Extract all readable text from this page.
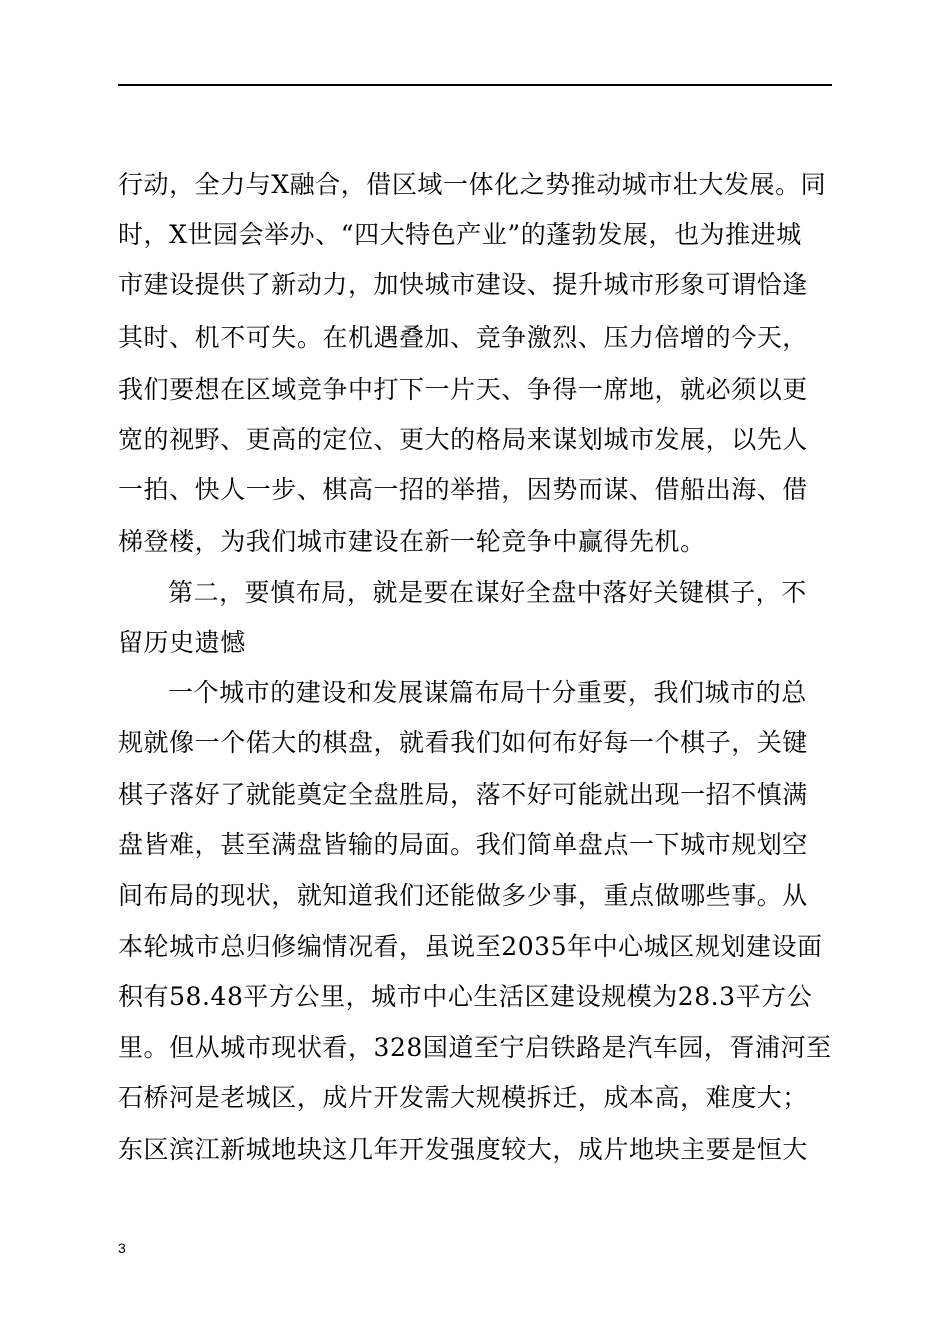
行动，全力与X融合，借区域一体化之势推动城市壮大发展。同
时，X世园会举办、“四大特色产业”的蓬勃发展，也为推进城
市建设提供了新动力，加快城市建设、提升城市形象可谓恰逢
其时、机不可失。在机遇叠加、竞争激烈、压力倍增的今天，
我们要想在区域竞争中打下一片天、争得一席地，就必须以更
宽的视野、更高的定位、更大的格局来谋划城市发展，以先人
一拍、快人一步、棋高一招的举措，因势而谋、借船出海、借
梯登楼，为我们城市建设在新一轮竞争中赢得先机。
第二，要慎布局，就是要在谋好全盘中落好关键棋子，不
留历史遗憾
一个城市的建设和发展谋篇布局十分重要，我们城市的总
规就像一个偌大的棋盘，就看我们如何布好每一个棋子，关键
棋子落好了就能奠定全盘胜局，落不好可能就出现一招不慎满
盘皆难，甚至满盘皆输的局面。我们简单盘点一下城市规划空
间布局的现状，就知道我们还能做多少事，重点做哪些事。从
本轮城市总归修编情况看，虽说至2035年中心城区规划建设面
积有58.48平方公里，城市中心生活区建设规模为28.3平方公
里。但从城市现状看，328国道至宁启铁路是汽车园，胥浦河至
石桥河是老城区，成片开发需大规模拆迁，成本高，难度大；
东区滨江新城地块这几年开发强度较大，成片地块主要是恒大
3
